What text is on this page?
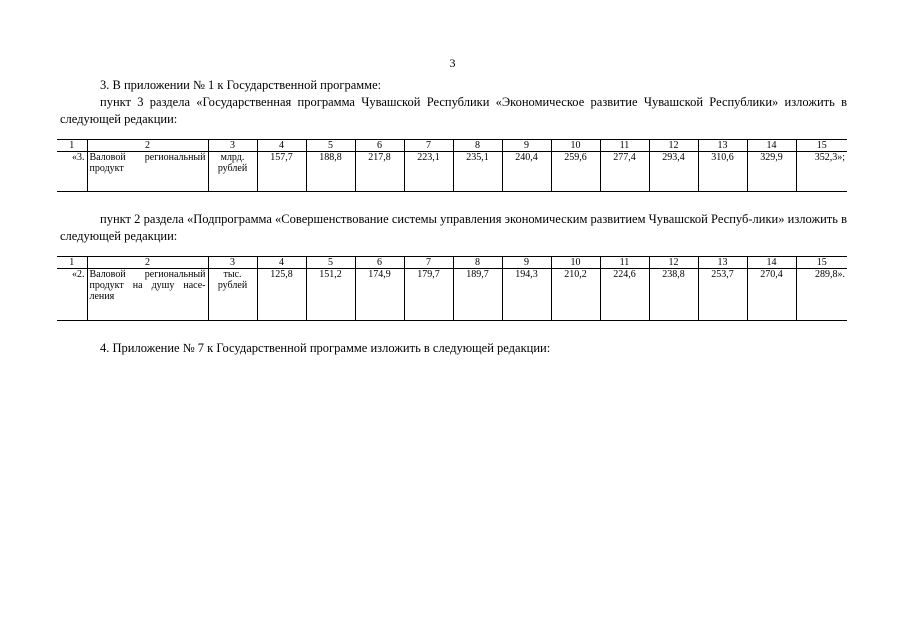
3
3. В приложении № 1 к Государственной программе:
пункт 3 раздела «Государственная программа Чувашской Республики «Экономическое развитие Чувашской Республики» изложить в следующей редакции:
1	2	3	4	5	6	7	8	9	10	11	12	13	14	15
«3.	Валовой региональный продукт	млрд. рублей	157,7	188,8	217,8	223,1	235,1	240,4	259,6	277,4	293,4	310,6	329,9	352,3»;
пункт 2 раздела «Подпрограмма «Совершенствование системы управления экономическим развитием Чувашской Респуб-лики» изложить в следующей редакции:
1	2	3	4	5	6	7	8	9	10	11	12	13	14	15
«2.	Валовой региональный продукт на душу насе-ления	тыс. рублей	125,8	151,2	174,9	179,7	189,7	194,3	210,2	224,6	238,8	253,7	270,4	289,8».
4. Приложение № 7 к Государственной программе изложить в следующей редакции:
